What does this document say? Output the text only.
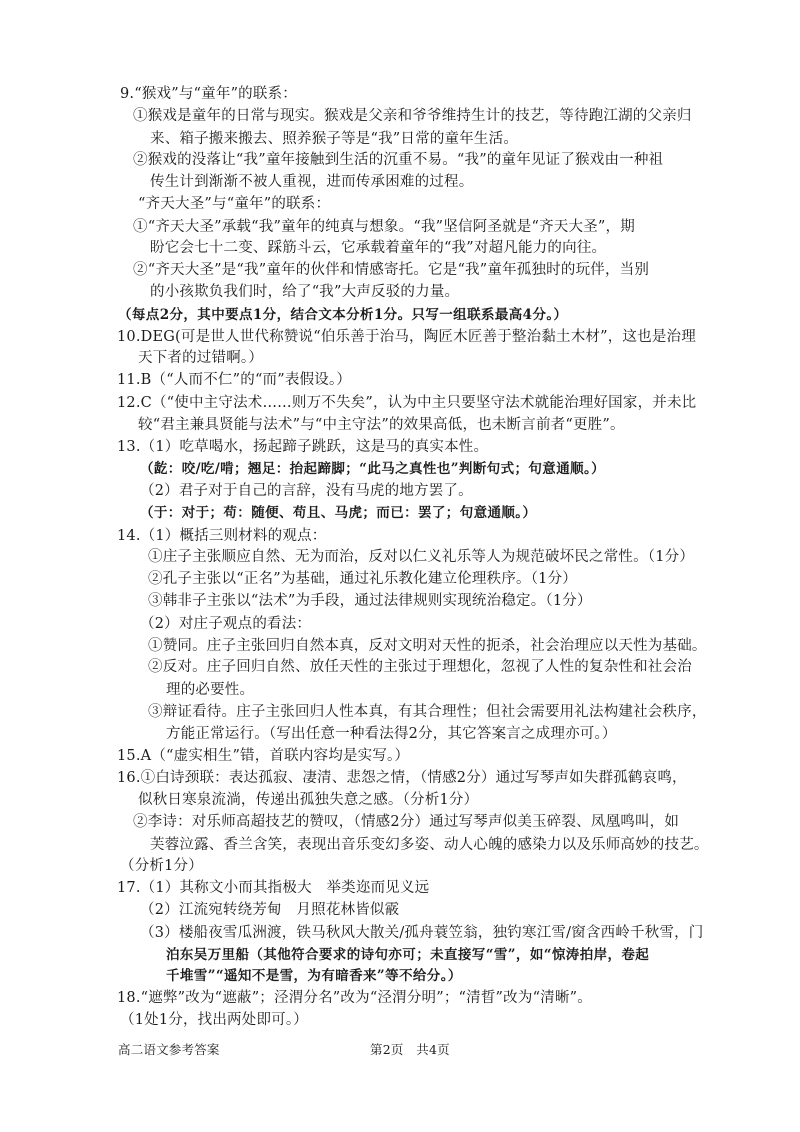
9.“猴戏”与“童年”的联系：
①猴戏是童年的日常与现实。猴戏是父亲和爷爷维持生计的技艺，等待跑江湖的父亲归
来、箱子搬来搬去、照养猴子等是“我”日常的童年生活。
②猴戏的没落让“我”童年接触到生活的沉重不易。“我”的童年见证了猴戏由一种祖
传生计到渐渐不被人重视，进而传承困难的过程。
“齐天大圣”与“童年”的联系：
①“齐天大圣”承载“我”童年的纯真与想象。“我”坚信阿圣就是“齐天大圣”，期
盼它会七十二变、踩筋斗云，它承载着童年的“我”对超凡能力的向往。
②“齐天大圣”是“我”童年的伙伴和情感寄托。它是“我”童年孤独时的玩伴，当别
的小孩欺负我们时，给了“我”大声反驳的力量。
（每点2分，其中要点1分，结合文本分析1分。只写一组联系最高4分。）
10.DEG(可是世人世代称赞说“伯乐善于治马，陶匠木匠善于整治黏土木材”，这也是治理
天下者的过错啊。）
11.B（“人而不仁”的“而”表假设。）
12.C（“使中主守法术……则万不失矣”，认为中主只要坚守法术就能治理好国家，并未比
较“君主兼具贤能与法术”与“中主守法”的效果高低，也未断言前者“更胜”。
13.（1）吃草喝水，扬起蹄子跳跃，这是马的真实本性。
（龁：咬/吃/啃；翘足：抬起蹄脚；“此马之真性也”判断句式；句意通顺。）
（2）君子对于自己的言辞，没有马虎的地方罢了。
（于：对于；苟：随便、苟且、马虎；而已：罢了；句意通顺。）
14.（1）概括三则材料的观点：
①庄子主张顺应自然、无为而治，反对以仁义礼乐等人为规范破坏民之常性。（1分）
②孔子主张以“正名”为基础，通过礼乐教化建立伦理秩序。（1分）
③韩非子主张以“法术”为手段，通过法律规则实现统治稳定。（1分）
（2）对庄子观点的看法：
①赞同。庄子主张回归自然本真，反对文明对天性的扼杀，社会治理应以天性为基础。
②反对。庄子回归自然、放任天性的主张过于理想化，忽视了人性的复杂性和社会治
理的必要性。
③辩证看待。庄子主张回归人性本真，有其合理性；但社会需要用礼法构建社会秩序，
方能正常运行。（写出任意一种看法得2分，其它答案言之成理亦可。）
15.A（“虚实相生”错，首联内容均是实写。）
16.①白诗颈联：表达孤寂、凄清、悲怨之情，（情感2分）通过写琴声如失群孤鹤哀鸣，
似秋日寒泉流淌，传递出孤独失意之感。（分析1分）
②李诗：对乐师高超技艺的赞叹，（情感2分）通过写琴声似美玉碎裂、凤凰鸣叫，如
芙蓉泣露、香兰含笑，表现出音乐变幻多姿、动人心魄的感染力以及乐师高妙的技艺。
（分析1分）
17.（1）其称文小而其指极大　举类迩而见义远
（2）江流宛转绕芳甸　月照花林皆似霰
（3）楼船夜雪瓜洲渡，铁马秋风大散关/孤舟蓑笠翁，独钓寒江雪/窗含西岭千秋雪，门
泊东吴万里船（其他符合要求的诗句亦可；未直接写“雪”，如“惊涛拍岸，卷起
千堆雪”“遥知不是雪，为有暗香来”等不给分。）
18.“遮弊”改为“遮蔽”；泾渭分名”改为“泾渭分明”；“清晢”改为“清晰”。
（1处1分，找出两处即可。）
高二语文参考答案	第2页　共4页
